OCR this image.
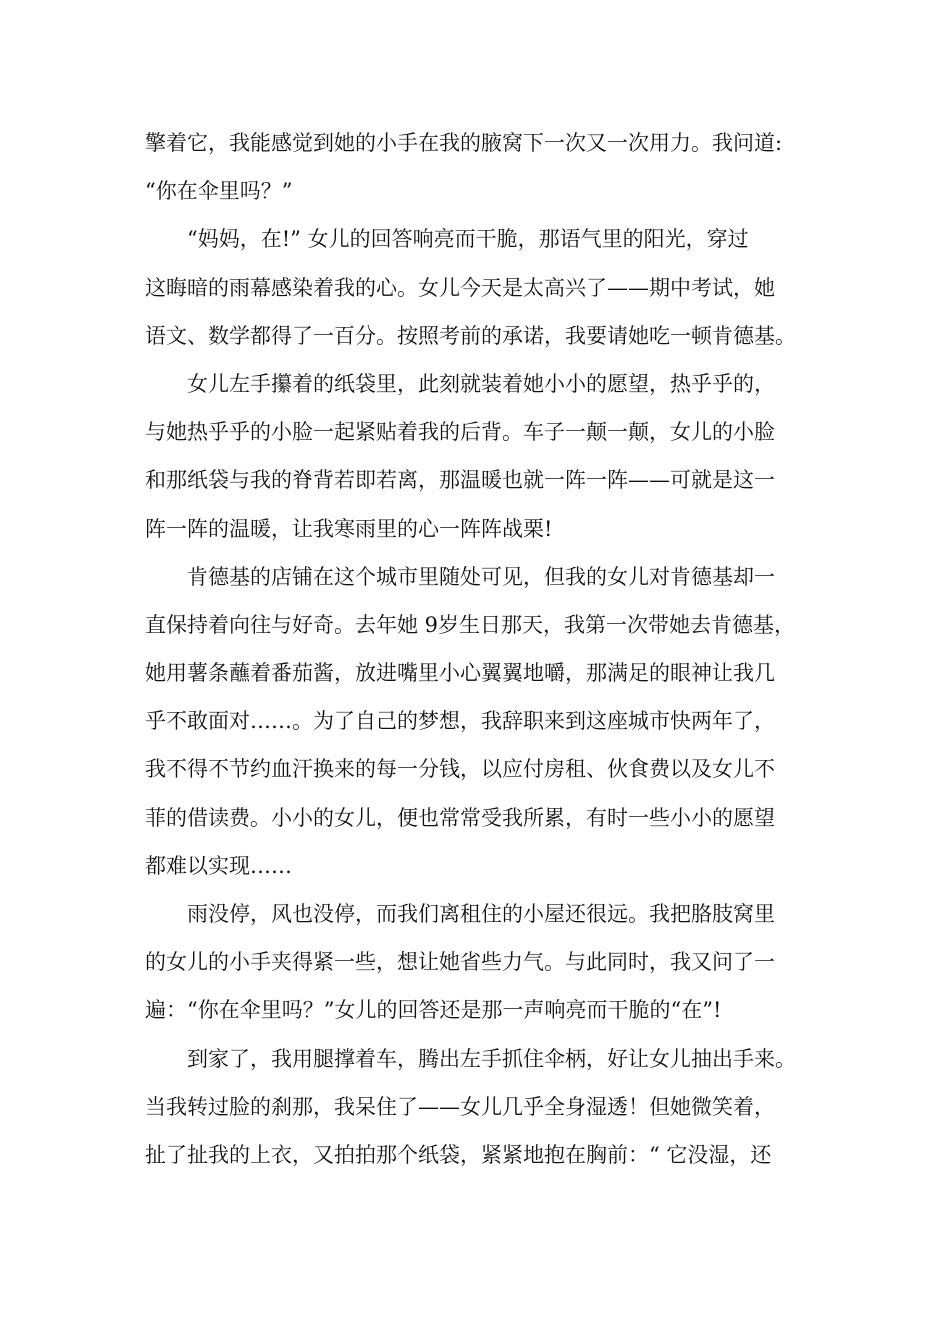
擎着它，我能感觉到她的小手在我的腋窝下一次又一次用力。我问道:
“你在伞里吗？”
“妈妈，在!” 女儿的回答响亮而干脆，那语气里的阳光，穿过
这晦暗的雨幕感染着我的心。女儿今天是太高兴了——期中考试，她
语文、数学都得了一百分。按照考前的承诺，我要请她吃一顿肯德基。
女儿左手攥着的纸袋里，此刻就装着她小小的愿望，热乎乎的，
与她热乎乎的小脸一起紧贴着我的后背。车子一颠一颠，女儿的小脸
和那纸袋与我的脊背若即若离，那温暖也就一阵一阵——可就是这一
阵一阵的温暖，让我寒雨里的心一阵阵战栗!
肯德基的店铺在这个城市里随处可见，但我的女儿对肯德基却一
直保持着向往与好奇。去年她 9岁生日那天，我第一次带她去肯德基，
她用薯条蘸着番茄酱，放进嘴里小心翼翼地嚼，那满足的眼神让我几
乎不敢面对……。为了自己的梦想，我辞职来到这座城市快两年了，
我不得不节约血汗换来的每一分钱，以应付房租、伙食费以及女儿不
菲的借读费。小小的女儿，便也常常受我所累，有时一些小小的愿望
都难以实现……
雨没停，风也没停，而我们离租住的小屋还很远。我把胳肢窝里
的女儿的小手夹得紧一些，想让她省些力气。与此同时，我又问了一
遍：“你在伞里吗？”女儿的回答还是那一声响亮而干脆的“在”!
到家了，我用腿撑着车，腾出左手抓住伞柄，好让女儿抽出手来。
当我转过脸的刹那，我呆住了——女儿几乎全身湿透！但她微笑着，
扯了扯我的上衣，又拍拍那个纸袋，紧紧地抱在胸前：“ 它没湿，还
